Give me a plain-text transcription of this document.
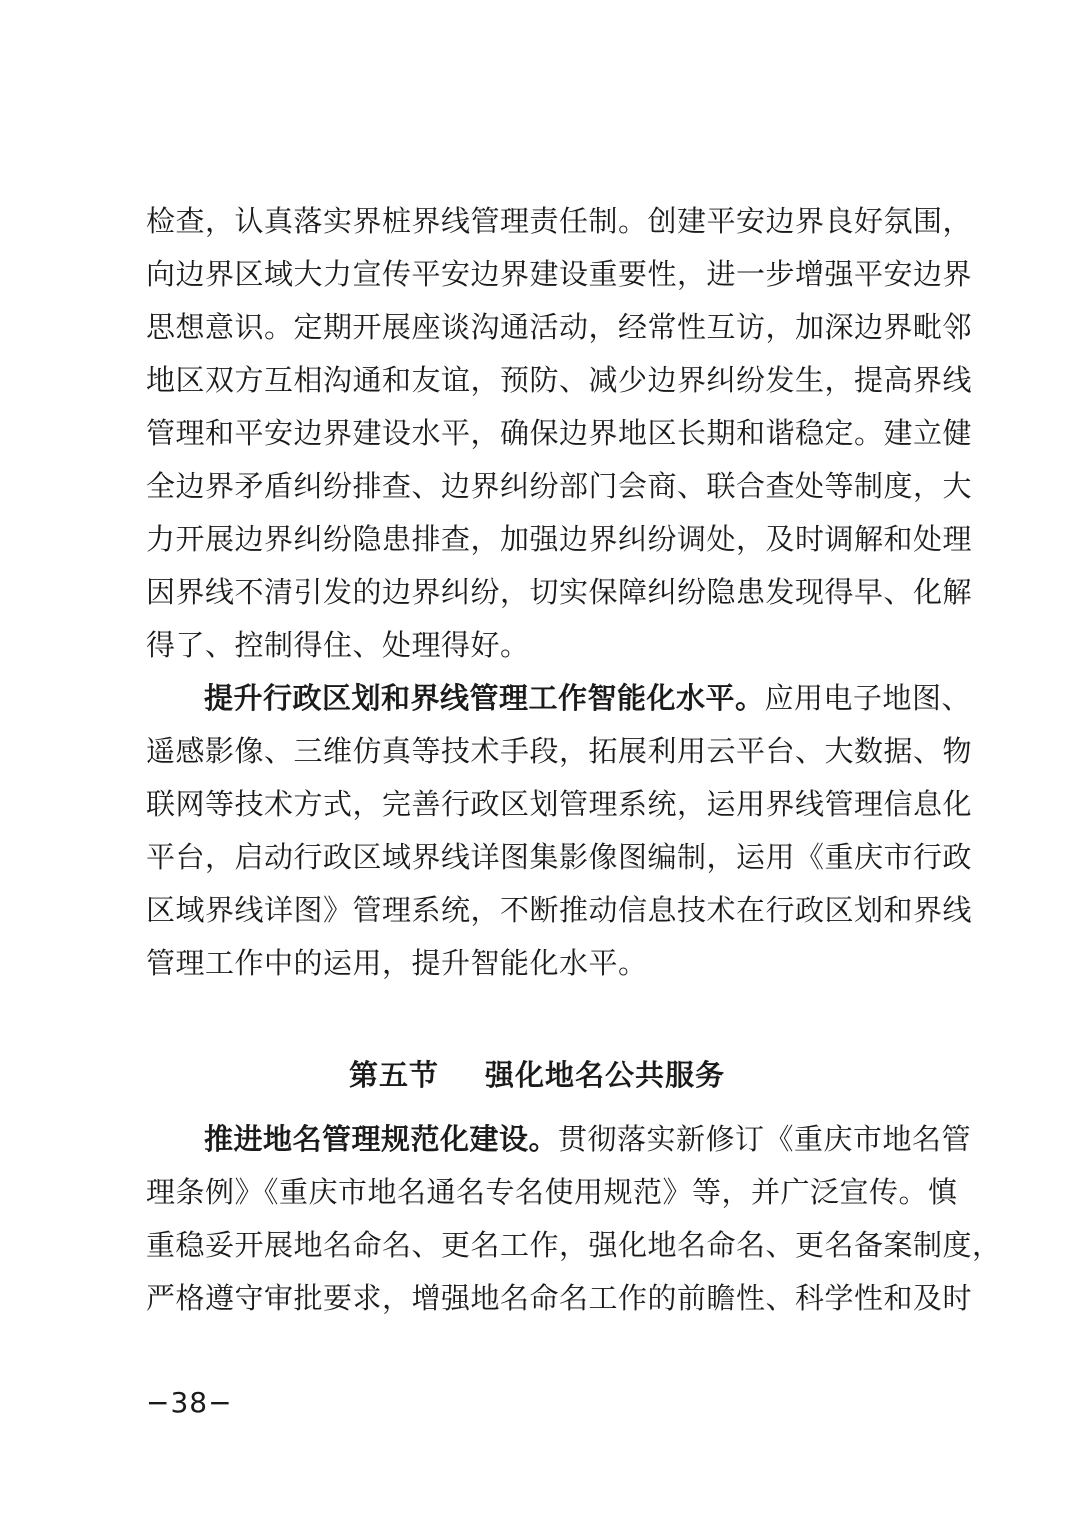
检查，认真落实界桩界线管理责任制。创建平安边界良好氛围，
向边界区域大力宣传平安边界建设重要性，进一步增强平安边界
思想意识。定期开展座谈沟通活动，经常性互访，加深边界毗邻
地区双方互相沟通和友谊，预防、减少边界纠纷发生，提高界线
管理和平安边界建设水平，确保边界地区长期和谐稳定。建立健
全边界矛盾纠纷排查、边界纠纷部门会商、联合查处等制度，大
力开展边界纠纷隐患排查，加强边界纠纷调处，及时调解和处理
因界线不清引发的边界纠纷，切实保障纠纷隐患发现得早、化解
得了、控制得住、处理得好。
提升行政区划和界线管理工作智能化水平。应用电子地图、
遥感影像、三维仿真等技术手段，拓展利用云平台、大数据、物
联网等技术方式，完善行政区划管理系统，运用界线管理信息化
平台，启动行政区域界线详图集影像图编制，运用《重庆市行政
区域界线详图》管理系统，不断推动信息技术在行政区划和界线
管理工作中的运用，提升智能化水平。
第五节 强化地名公共服务
推进地名管理规范化建设。贯彻落实新修订《重庆市地名管
理条例》《重庆市地名通名专名使用规范》等，并广泛宣传。慎
重稳妥开展地名命名、更名工作，强化地名命名、更名备案制度，
严格遵守审批要求，增强地名命名工作的前瞻性、科学性和及时
−38−
